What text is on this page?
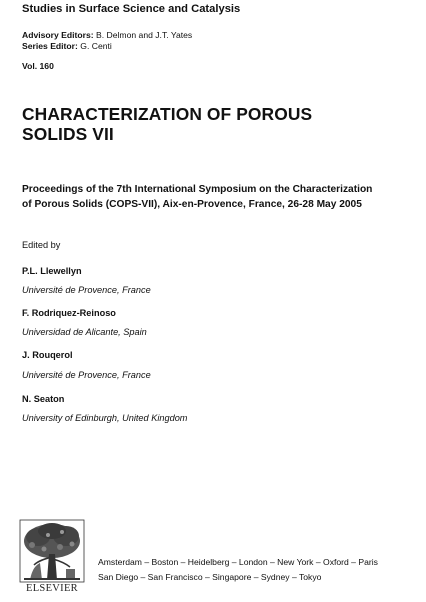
Studies in Surface Science and Catalysis
Advisory Editors: B. Delmon and J.T. Yates
Series Editor: G. Centi
Vol. 160
CHARACTERIZATION OF POROUS
SOLIDS VII
Proceedings of the 7th International Symposium on the Characterization
of Porous Solids (COPS-VII), Aix-en-Provence, France, 26-28 May 2005
Edited by
P.L. Llewellyn
Université de Provence, France
F. Rodriquez-Reinoso
Universidad de Alicante, Spain
J. Rouqerol
Université de Provence, France
N. Seaton
University of Edinburgh, United Kingdom
ELSEVIER
Amsterdam – Boston – Heidelberg – London – New York – Oxford – Paris
San Diego – San Francisco – Singapore – Sydney – Tokyo
